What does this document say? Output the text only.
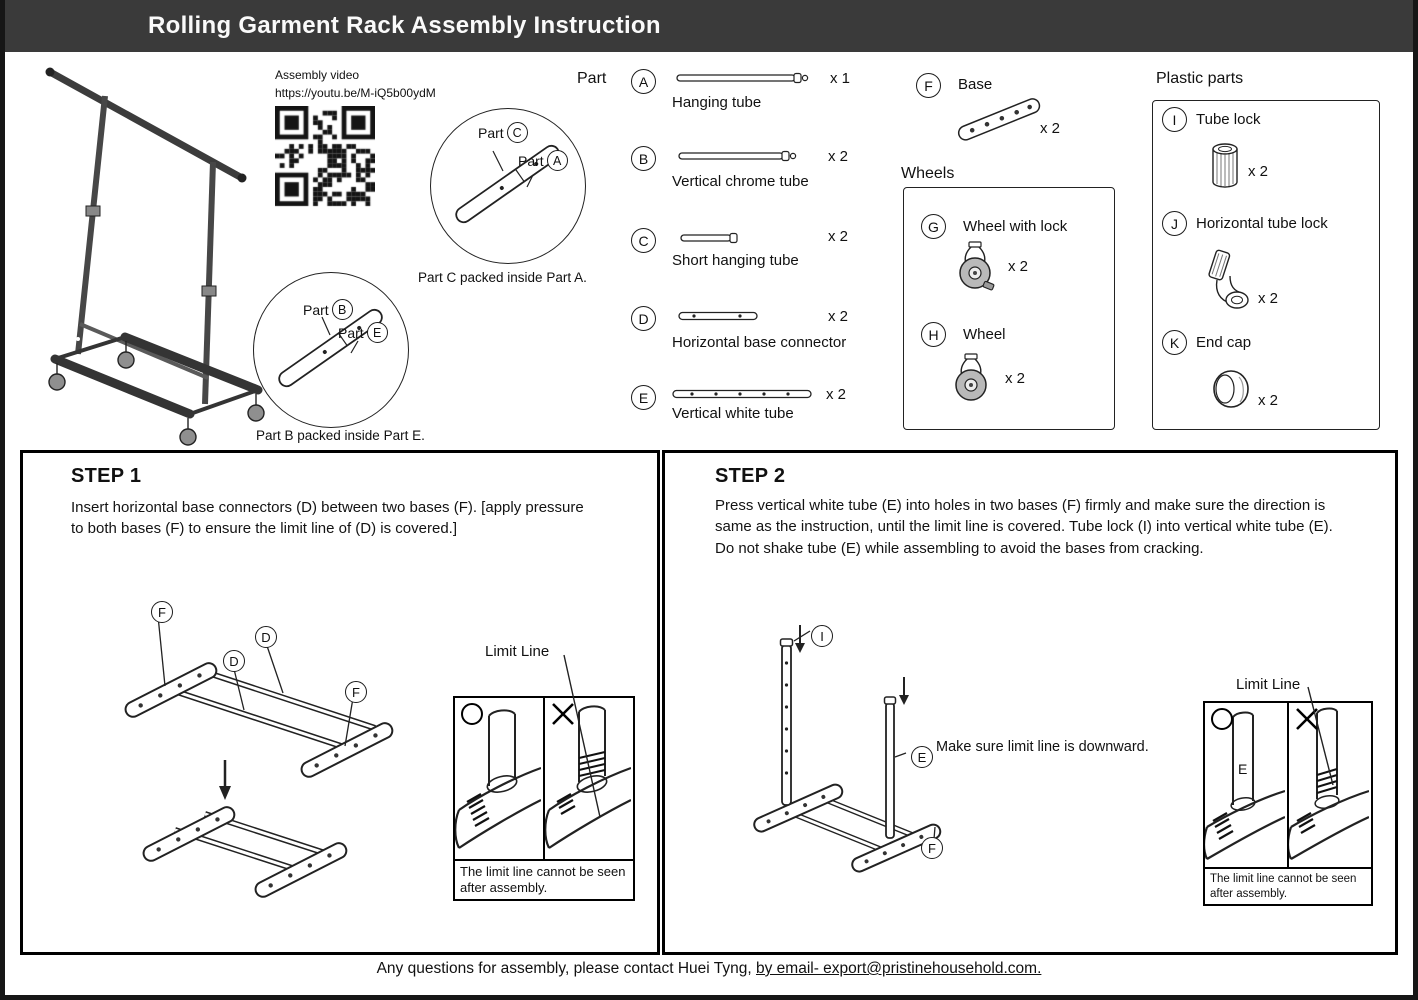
Rolling Garment Rack Assembly Instruction
Assembly video
https://youtu.be/M-iQ5b00ydM
Part C
Part A
Part C packed inside Part A.
Part B
Part E
Part B packed inside Part E.
Part	A	x 1
Hanging tube
B	x 2
Vertical chrome tube
C	x 2
Short hanging tube
D	x 2
Horizontal base connector
E	x 2
Vertical white tube
F	Base
x 2
Wheels
G	Wheel with lock
x 2
H	Wheel
x 2
Plastic parts
I	Tube lock
x 2
J	Horizontal tube lock
x 2
K	End cap
x 2
STEP 1
Insert horizontal base connectors (D) between two bases (F). [apply pressure to both bases (F) to ensure the limit line of (D) is covered.]
F
D
D
F
Limit Line
The limit line cannot be seen after assembly.
STEP 2
Press vertical white tube (E) into holes in two bases (F) firmly and make sure the direction is same as the instruction, until the limit line is covered. Tube lock (I) into vertical white tube (E). Do not shake tube (E) while assembling to avoid the bases from cracking.
I
E
F
Make sure limit line is downward.
Limit Line
E
The limit line cannot be seen after assembly.
Any questions for assembly, please contact Huei Tyng, by email- export@pristinehousehold.com.
